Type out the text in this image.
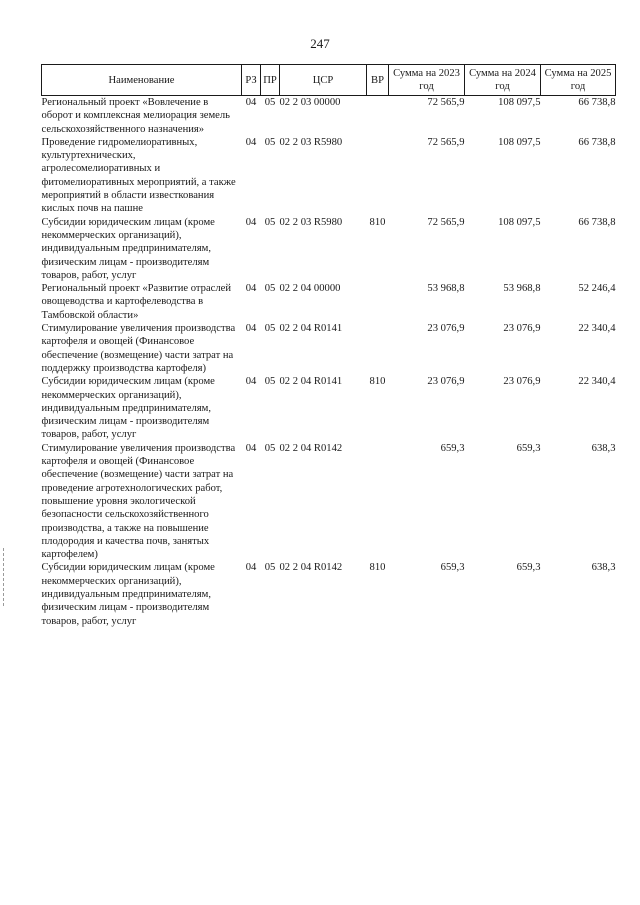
247
Наименование	РЗ	ПР	ЦСР	ВР	Сумма на 2023 год	Сумма на 2024 год	Сумма на 2025 год
Региональный проект «Вовлечение в оборот и комплексная мелиорация земель сельскохозяйственного назначения»	04	05	02 2 03 00000		72 565,9	108 097,5	66 738,8
Проведение гидромелиоративных, культуртехнических, агролесомелиоративных и фитомелиоративных мероприятий, а также мероприятий в области известкования кислых почв на пашне	04	05	02 2 03 R5980		72 565,9	108 097,5	66 738,8
Субсидии юридическим лицам (кроме некоммерческих организаций), индивидуальным предпринимателям, физическим лицам - производителям товаров, работ, услуг	04	05	02 2 03 R5980	810	72 565,9	108 097,5	66 738,8
Региональный проект «Развитие отраслей овощеводства и картофелеводства в Тамбовской области»	04	05	02 2 04 00000		53 968,8	53 968,8	52 246,4
Стимулирование увеличения производства картофеля и овощей (Финансовое обеспечение (возмещение) части затрат на поддержку производства картофеля)	04	05	02 2 04 R0141		23 076,9	23 076,9	22 340,4
Субсидии юридическим лицам (кроме некоммерческих организаций), индивидуальным предпринимателям, физическим лицам - производителям товаров, работ, услуг	04	05	02 2 04 R0141	810	23 076,9	23 076,9	22 340,4
Стимулирование увеличения производства картофеля и овощей (Финансовое обеспечение (возмещение) части затрат на проведение агротехнологических работ, повышение уровня экологической безопасности сельскохозяйственного производства, а также на повышение плодородия и качества почв, занятых картофелем)	04	05	02 2 04 R0142		659,3	659,3	638,3
Субсидии юридическим лицам (кроме некоммерческих организаций), индивидуальным предпринимателям, физическим лицам - производителям товаров, работ, услуг	04	05	02 2 04 R0142	810	659,3	659,3	638,3
